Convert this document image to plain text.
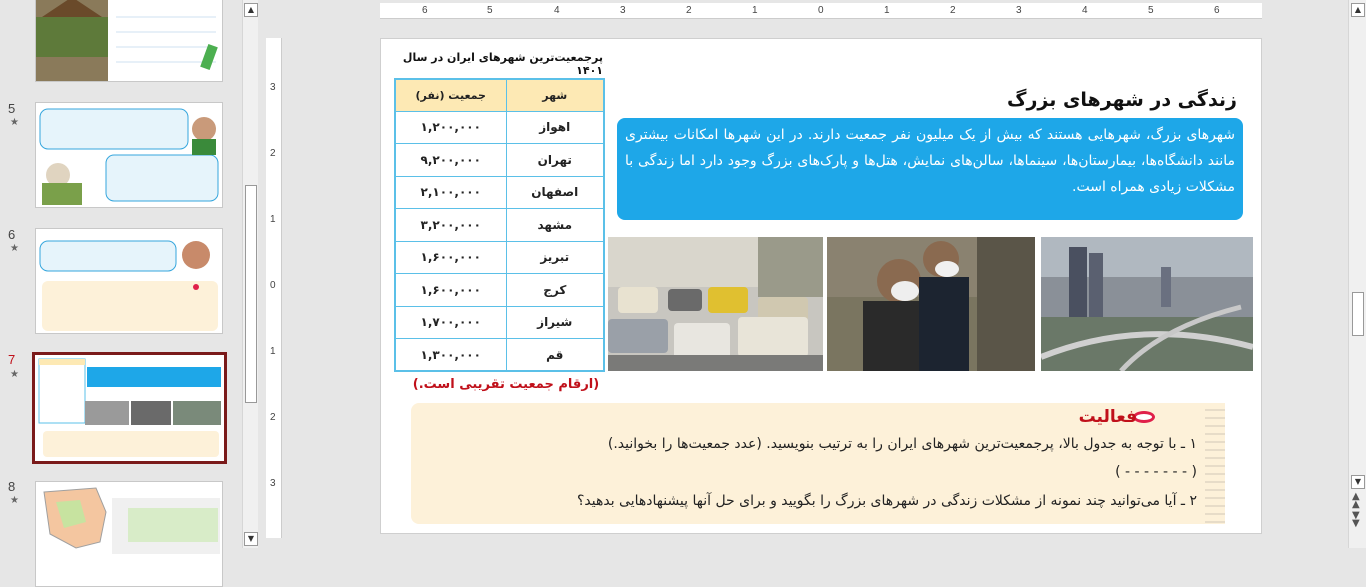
5
★
6
★
7
★
8
★
▲
▼
6	5	4	3	2	1	0	1	2	3	4	5	6
3
2
1
0
1
2
3
پرجمعیت‌ترین شهرهای ایران در سال ۱۴۰۱
شهر	جمعیت (نفر)
اهواز	۱,۲۰۰,۰۰۰
تهران	۹,۲۰۰,۰۰۰
اصفهان	۲,۱۰۰,۰۰۰
مشهد	۳,۲۰۰,۰۰۰
تبریز	۱,۶۰۰,۰۰۰
کرج	۱,۶۰۰,۰۰۰
شیراز	۱,۷۰۰,۰۰۰
قم	۱,۳۰۰,۰۰۰
(ارقام جمعیت تقریبی است.)
زندگی در شهرهای بزرگ
شهرهای بزرگ، شهرهایی هستند که بیش از یک میلیون نفر جمعیت دارند. در این شهرها امکانات بیشتری مانند دانشگاه‌ها، بیمارستان‌ها، سینماها، سالن‌های نمایش، هتل‌ها و پارک‌های بزرگ وجود دارد اما زندگی با مشکلات زیادی همراه است.
فعالیت
۱ ـ با توجه به جدول بالا، پرجمعیت‌ترین شهرهای ایران را به ترتیب بنویسید. (عدد جمعیت‌ها را بخوانید.)
( - - - - - - - )
۲ ـ آیا می‌توانید چند نمونه از مشکلات زندگی در شهرهای بزرگ را بگویید و برای حل آنها پیشنهادهایی بدهید؟
▲
▼
▲
▲
▼
▼
